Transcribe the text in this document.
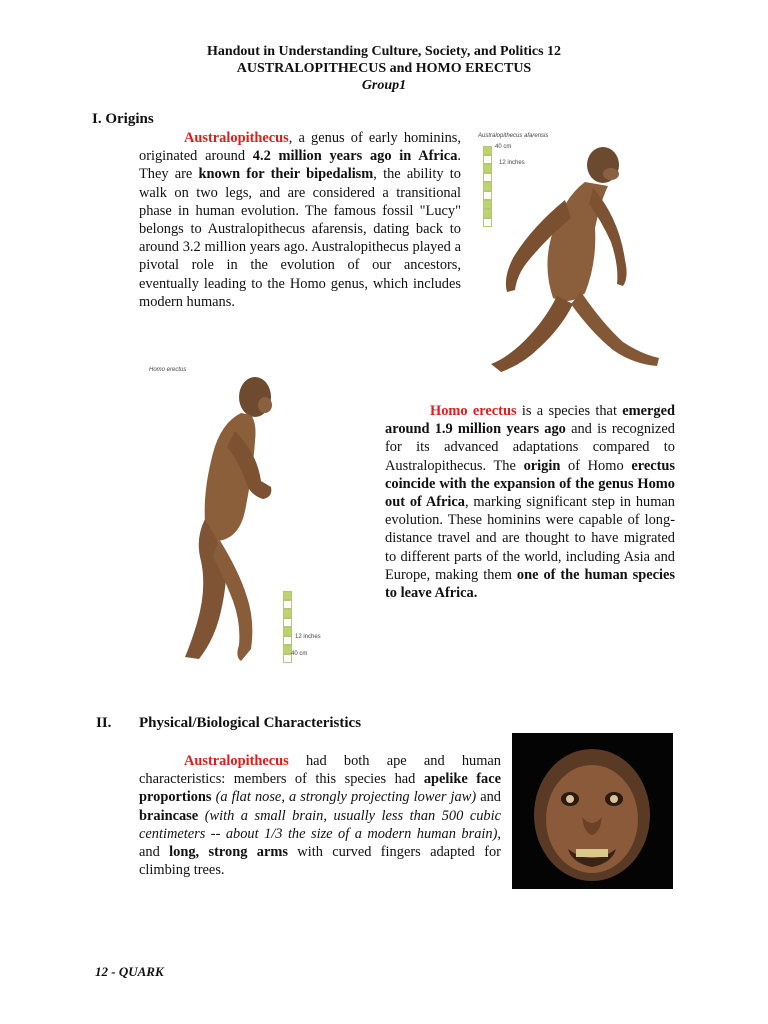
Handout in Understanding Culture, Society, and Politics 12
AUSTRALOPITHECUS and HOMO ERECTUS
Group1
I. Origins
Australopithecus, a genus of early hominins, originated around 4.2 million years ago in Africa. They are known for their bipedalism, the ability to walk on two legs, and are considered a transitional phase in human evolution. The famous fossil "Lucy" belongs to Australopithecus afarensis, dating back to around 3.2 million years ago. Australopithecus played a pivotal role in the evolution of our ancestors, eventually leading to the Homo genus, which includes modern humans.
Australopithecus afarensis
40 cm
12 inches
Homo erectus
12 inches
40 cm
Homo erectus is a species that emerged around 1.9 million years ago and is recognized for its advanced adaptations compared to Australopithecus. The origin of Homo erectus coincide with the expansion of the genus Homo out of Africa, marking significant step in human evolution. These hominins were capable of long-distance travel and are thought to have migrated to different parts of the world, including Asia and Europe, making them one of the human species to leave Africa.
II. Physical/Biological Characteristics
Australopithecus had both ape and human characteristics: members of this species had apelike face proportions (a flat nose, a strongly projecting lower jaw) and braincase (with a small brain, usually less than 500 cubic centimeters -- about 1/3 the size of a modern human brain), and long, strong arms with curved fingers adapted for climbing trees.
12 - QUARK
